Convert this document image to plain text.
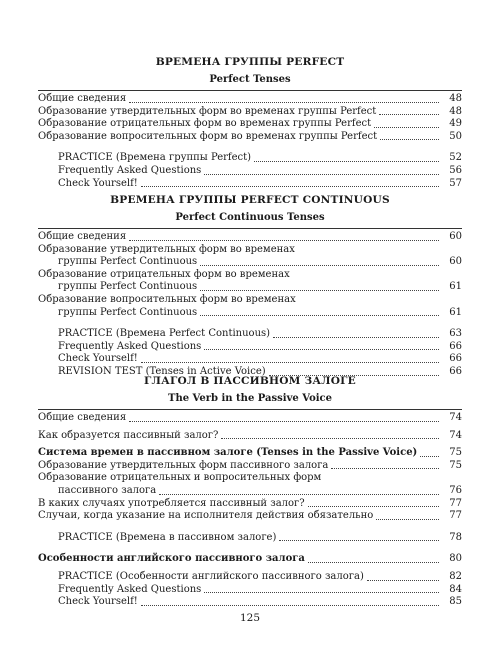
ВРЕМЕНА ГРУППЫ PERFECT
Perfect Tenses
Общие сведения	48
Образование утвердительных форм во временах группы Perfect	48
Образование отрицательных форм во временах группы Perfect	49
Образование вопросительных форм во временах группы Perfect	50
PRACTICE (Времена группы Perfect)	52
Frequently Asked Questions	56
Check Yourself!	57
ВРЕМЕНА ГРУППЫ PERFECT CONTINUOUS
Perfect Continuous Tenses
Общие сведения	60
Образование утвердительных форм во временах
группы Perfect Continuous	60
Образование отрицательных форм во временах
группы Perfect Continuous	61
Образование вопросительных форм во временах
группы Perfect Continuous	61
PRACTICE (Времена Perfect Continuous)	63
Frequently Asked Questions	66
Check Yourself!	66
REVISION TEST (Tenses in Active Voice)	66
ГЛАГОЛ В ПАССИВНОМ ЗАЛОГЕ
The Verb in the Passive Voice
Общие сведения	74
Как образуется пассивный залог?	74
Система времен в пассивном залоге (Tenses in the Passive Voice)	75
Образование утвердительных форм пассивного залога	75
Образование отрицательных и вопросительных форм
пассивного залога	76
В каких случаях употребляется пассивный залог?	77
Случаи, когда указание на исполнителя действия обязательно	77
PRACTICE (Времена в пассивном залоге)	78
Особенности английского пассивного залога	80
PRACTICE (Особенности английского пассивного залога)	82
Frequently Asked Questions	84
Check Yourself!	85
125
